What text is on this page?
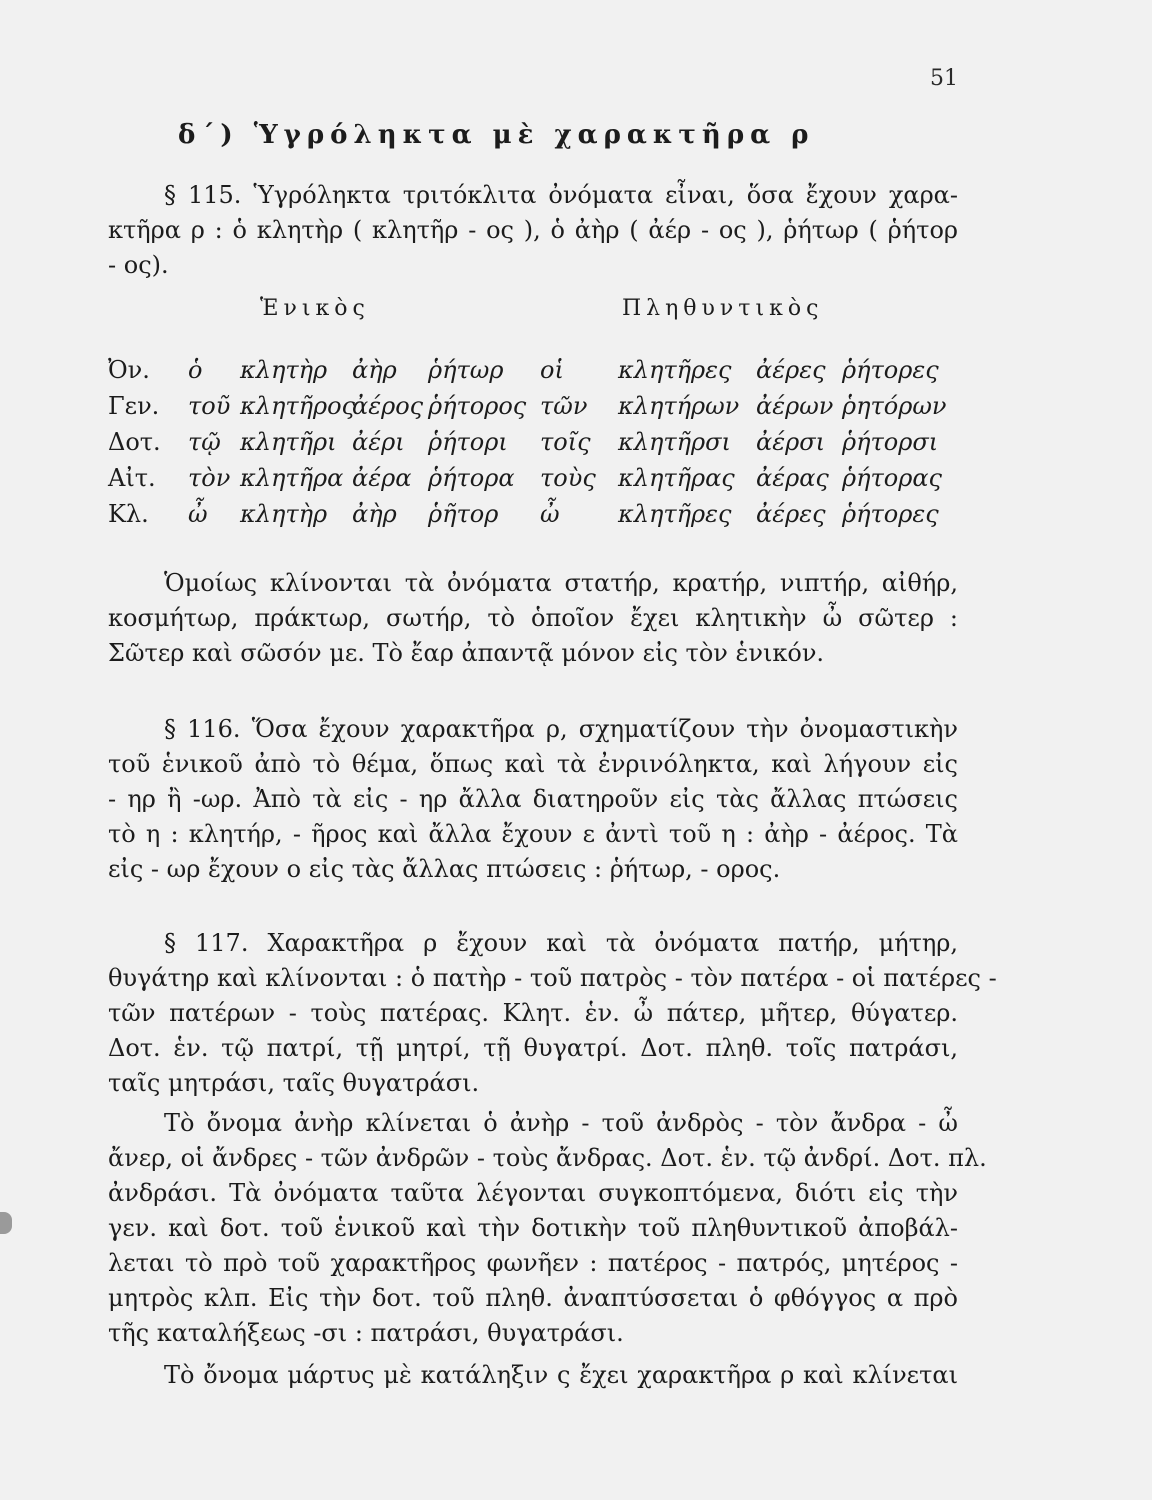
51
δ΄) Ὑγρόληκτα μὲ χαρακτῆρα ρ
§ 115. Ὑγρόληκτα τριτόκλιτα ὀνόματα εἶναι, ὅσα ἔχουν χαρα-
κτῆρα ρ : ὁ κλητὴρ ( κλητῆρ - ος ), ὁ ἀὴρ ( ἀέρ - ος ), ῥήτωρ ( ῥήτορ
- ος).
Ἑνικὸς	Πληθυντικὸς
Ὀν. ὁ κλητὴρ ἀὴρ ῥήτωρ οἱ κλητῆρες ἀέρες ῥήτορες
Γεν. τοῦ κλητῆρος
ἀέρος ῥήτορος τῶν κλητήρων ἀέρων ῥητόρων
Δοτ. τῷ κλητῆρι ἀέρι ῥήτορι τοῖς κλητῆρσι ἀέρσι ῥήτορσι
Αἰτ. τὸν κλητῆρα ἀέρα ῥήτορα τοὺς κλητῆρας ἀέρας ῥήτορας
Κλ. ὦ κλητὴρ ἀὴρ ῥῆτορ ὦ κλητῆρες ἀέρες ῥήτορες
Ὁμοίως κλίνονται τὰ ὀνόματα στατήρ, κρατήρ, νιπτήρ, αἰθήρ,
κοσμήτωρ, πράκτωρ, σωτήρ, τὸ ὁποῖον ἔχει κλητικὴν ὦ σῶτερ :
Σῶτερ καὶ σῶσόν με. Τὸ ἔαρ ἀπαντᾷ μόνον εἰς τὸν ἑνικόν.
§ 116. Ὅσα ἔχουν χαρακτῆρα ρ, σχηματίζουν τὴν ὀνομαστικὴν
τοῦ ἑνικοῦ ἀπὸ τὸ θέμα, ὅπως καὶ τὰ ἐνρινόληκτα, καὶ λήγουν εἰς
- ηρ ἢ -ωρ. Ἀπὸ τὰ εἰς - ηρ ἄλλα διατηροῦν εἰς τὰς ἄλλας πτώσεις
τὸ η : κλητήρ, - ῆρος καὶ ἄλλα ἔχουν ε ἀντὶ τοῦ η : ἀὴρ - ἀέρος. Τὰ
εἰς - ωρ ἔχουν ο εἰς τὰς ἄλλας πτώσεις : ῥήτωρ, - ορος.
§ 117. Χαρακτῆρα ρ ἔχουν καὶ τὰ ὀνόματα πατήρ, μήτηρ,
θυγάτηρ καὶ κλίνονται : ὁ πατὴρ - τοῦ πατρὸς - τὸν πατέρα - οἱ πατέρες -
τῶν πατέρων - τοὺς πατέρας. Κλητ. ἑν. ὦ πάτερ, μῆτερ, θύγατερ.
Δοτ. ἑν. τῷ πατρί, τῇ μητρί, τῇ θυγατρί. Δοτ. πληθ. τοῖς πατράσι,
ταῖς μητράσι, ταῖς θυγατράσι.
Τὸ ὄνομα ἀνὴρ κλίνεται ὁ ἀνὴρ - τοῦ ἀνδρὸς - τὸν ἄνδρα - ὦ
ἄνερ, οἱ ἄνδρες - τῶν ἀνδρῶν - τοὺς ἄνδρας. Δοτ. ἑν. τῷ ἀνδρί. Δοτ. πλ.
ἀνδράσι. Τὰ ὀνόματα ταῦτα λέγονται συγκοπτόμενα, διότι εἰς τὴν
γεν. καὶ δοτ. τοῦ ἑνικοῦ καὶ τὴν δοτικὴν τοῦ πληθυντικοῦ ἀποβάλ-
λεται τὸ πρὸ τοῦ χαρακτῆρος φωνῆεν : πατέρος - πατρός, μητέρος -
μητρὸς κλπ. Εἰς τὴν δοτ. τοῦ πληθ. ἀναπτύσσεται ὁ φθόγγος α πρὸ
τῆς καταλήξεως -σι : πατράσι, θυγατράσι.
Τὸ ὄνομα μάρτυς μὲ κατάληξιν ς ἔχει χαρακτῆρα ρ καὶ κλίνεται
